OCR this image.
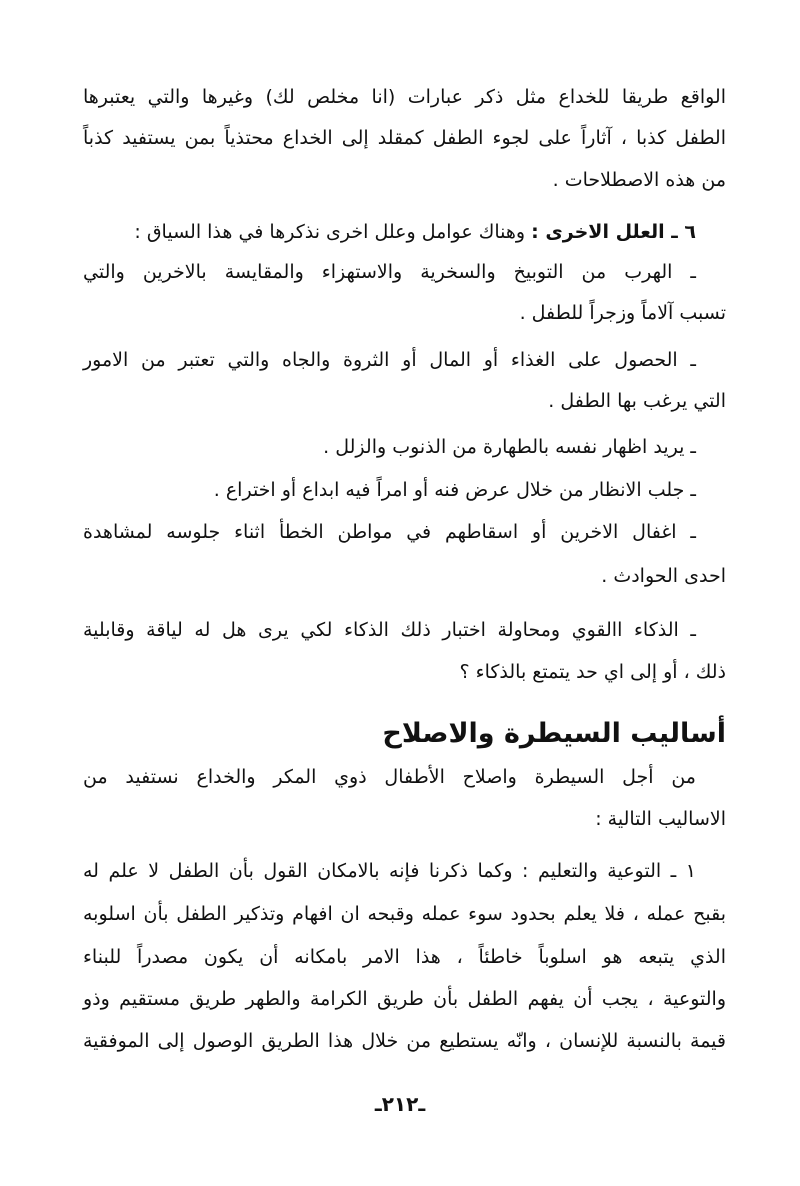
الواقع طريقا للخداع مثل ذكر عبارات (انا مخلص لك) وغيرها والتي يعتبرها
الطفل كذبا ، آثاراً على لجوء الطفل كمقلد إلى الخداع محتذياً بمن يستفيد كذباً
من هذه الاصطلاحات .
٦ ـ العلل الاخرى : وهناك عوامل وعلل اخرى نذكرها في هذا السياق :
ـ الهرب من التوبيخ والسخرية والاستهزاء والمقايسة بالاخرين والتي
تسبب آلاماً وزجراً للطفل .
ـ الحصول على الغذاء أو المال أو الثروة والجاه والتي تعتبر من الامور
التي يرغب بها الطفل .
ـ يريد اظهار نفسه بالطهارة من الذنوب والزلل .
ـ جلب الانظار من خلال عرض فنه أو امراً فيه ابداع أو اختراع .
ـ اغفال الاخرين أو اسقاطهم في مواطن الخطأ اثناء جلوسه لمشاهدة
احدى الحوادث .
ـ الذكاء االقوي ومحاولة اختبار ذلك الذكاء لكي يرى هل له لياقة وقابلية
ذلك ، أو إلى اي حد يتمتع بالذكاء ؟
أساليب السيطرة والاصلاح
من أجل السيطرة واصلاح الأطفال ذوي المكر والخداع نستفيد من
الاساليب التالية :
١ ـ التوعية والتعليم : وكما ذكرنا فإنه بالامكان القول بأن الطفل لا علم له
بقبح عمله ، فلا يعلم بحدود سوء عمله وقبحه ان افهام وتذكير الطفل بأن اسلوبه
الذي يتبعه هو اسلوباً خاطئاً ، هذا الامر بامكانه أن يكون مصدراً للبناء
والتوعية ، يجب أن يفهم الطفل بأن طريق الكرامة والطهر طريق مستقيم وذو
قيمة بالنسبة للإنسان ، وانّه يستطيع من خلال هذا الطريق الوصول إلى الموفقية
ـ٢١٢ـ
